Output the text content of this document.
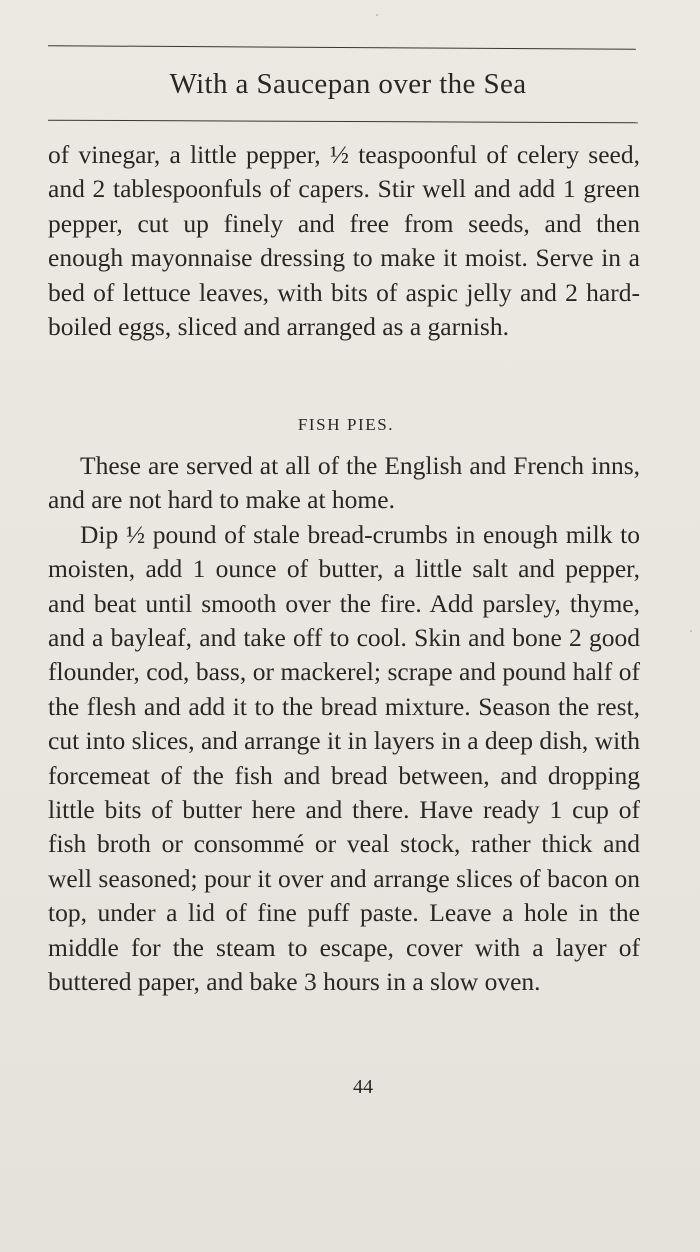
With a Saucepan over the Sea

of vinegar, a little pepper, ½ teaspoonful of celery seed, and 2 tablespoonfuls of capers. Stir well and add 1 green pepper, cut up finely and free from seeds, and then enough mayonnaise dressing to make it moist. Serve in a bed of lettuce leaves, with bits of aspic jelly and 2 hard-boiled eggs, sliced and arranged as a garnish.

FISH PIES.

These are served at all of the English and French inns, and are not hard to make at home.

Dip ½ pound of stale bread-crumbs in enough milk to moisten, add 1 ounce of butter, a little salt and pepper, and beat until smooth over the fire. Add parsley, thyme, and a bayleaf, and take off to cool. Skin and bone 2 good flounder, cod, bass, or mackerel; scrape and pound half of the flesh and add it to the bread mixture. Season the rest, cut into slices, and arrange it in layers in a deep dish, with forcemeat of the fish and bread between, and dropping little bits of butter here and there. Have ready 1 cup of fish broth or consommé or veal stock, rather thick and well seasoned; pour it over and arrange slices of bacon on top, under a lid of fine puff paste. Leave a hole in the middle for the steam to escape, cover with a layer of buttered paper, and bake 3 hours in a slow oven.

44
